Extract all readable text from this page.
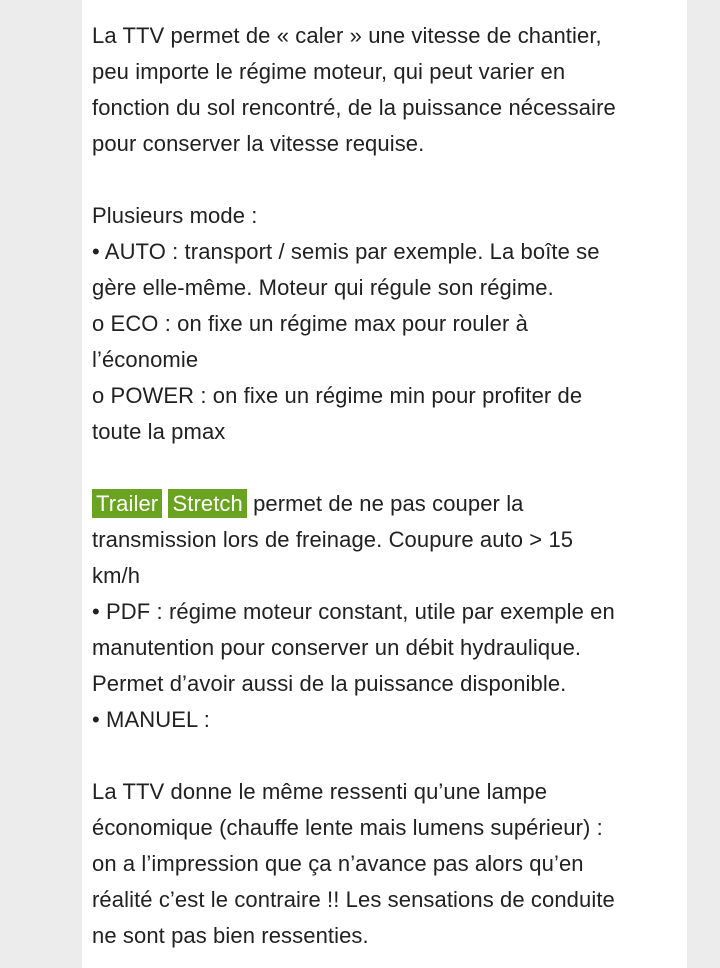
La TTV permet de « caler » une vitesse de chantier,
peu importe le régime moteur, qui peut varier en
fonction du sol rencontré, de la puissance nécessaire
pour conserver la vitesse requise.
Plusieurs mode :
• AUTO : transport / semis par exemple. La boîte se
gère elle-même. Moteur qui régule son régime.
o ECO : on fixe un régime max pour rouler à
l’économie
o POWER : on fixe un régime min pour profiter de
toute la pmax
Trailer Stretch permet de ne pas couper la
transmission lors de freinage. Coupure auto > 15
km/h
• PDF : régime moteur constant, utile par exemple en
manutention pour conserver un débit hydraulique.
Permet d’avoir aussi de la puissance disponible.
• MANUEL :
La TTV donne le même ressenti qu’une lampe
économique (chauffe lente mais lumens supérieur) :
on a l’impression que ça n’avance pas alors qu’en
réalité c’est le contraire !! Les sensations de conduite
ne sont pas bien ressenties.
